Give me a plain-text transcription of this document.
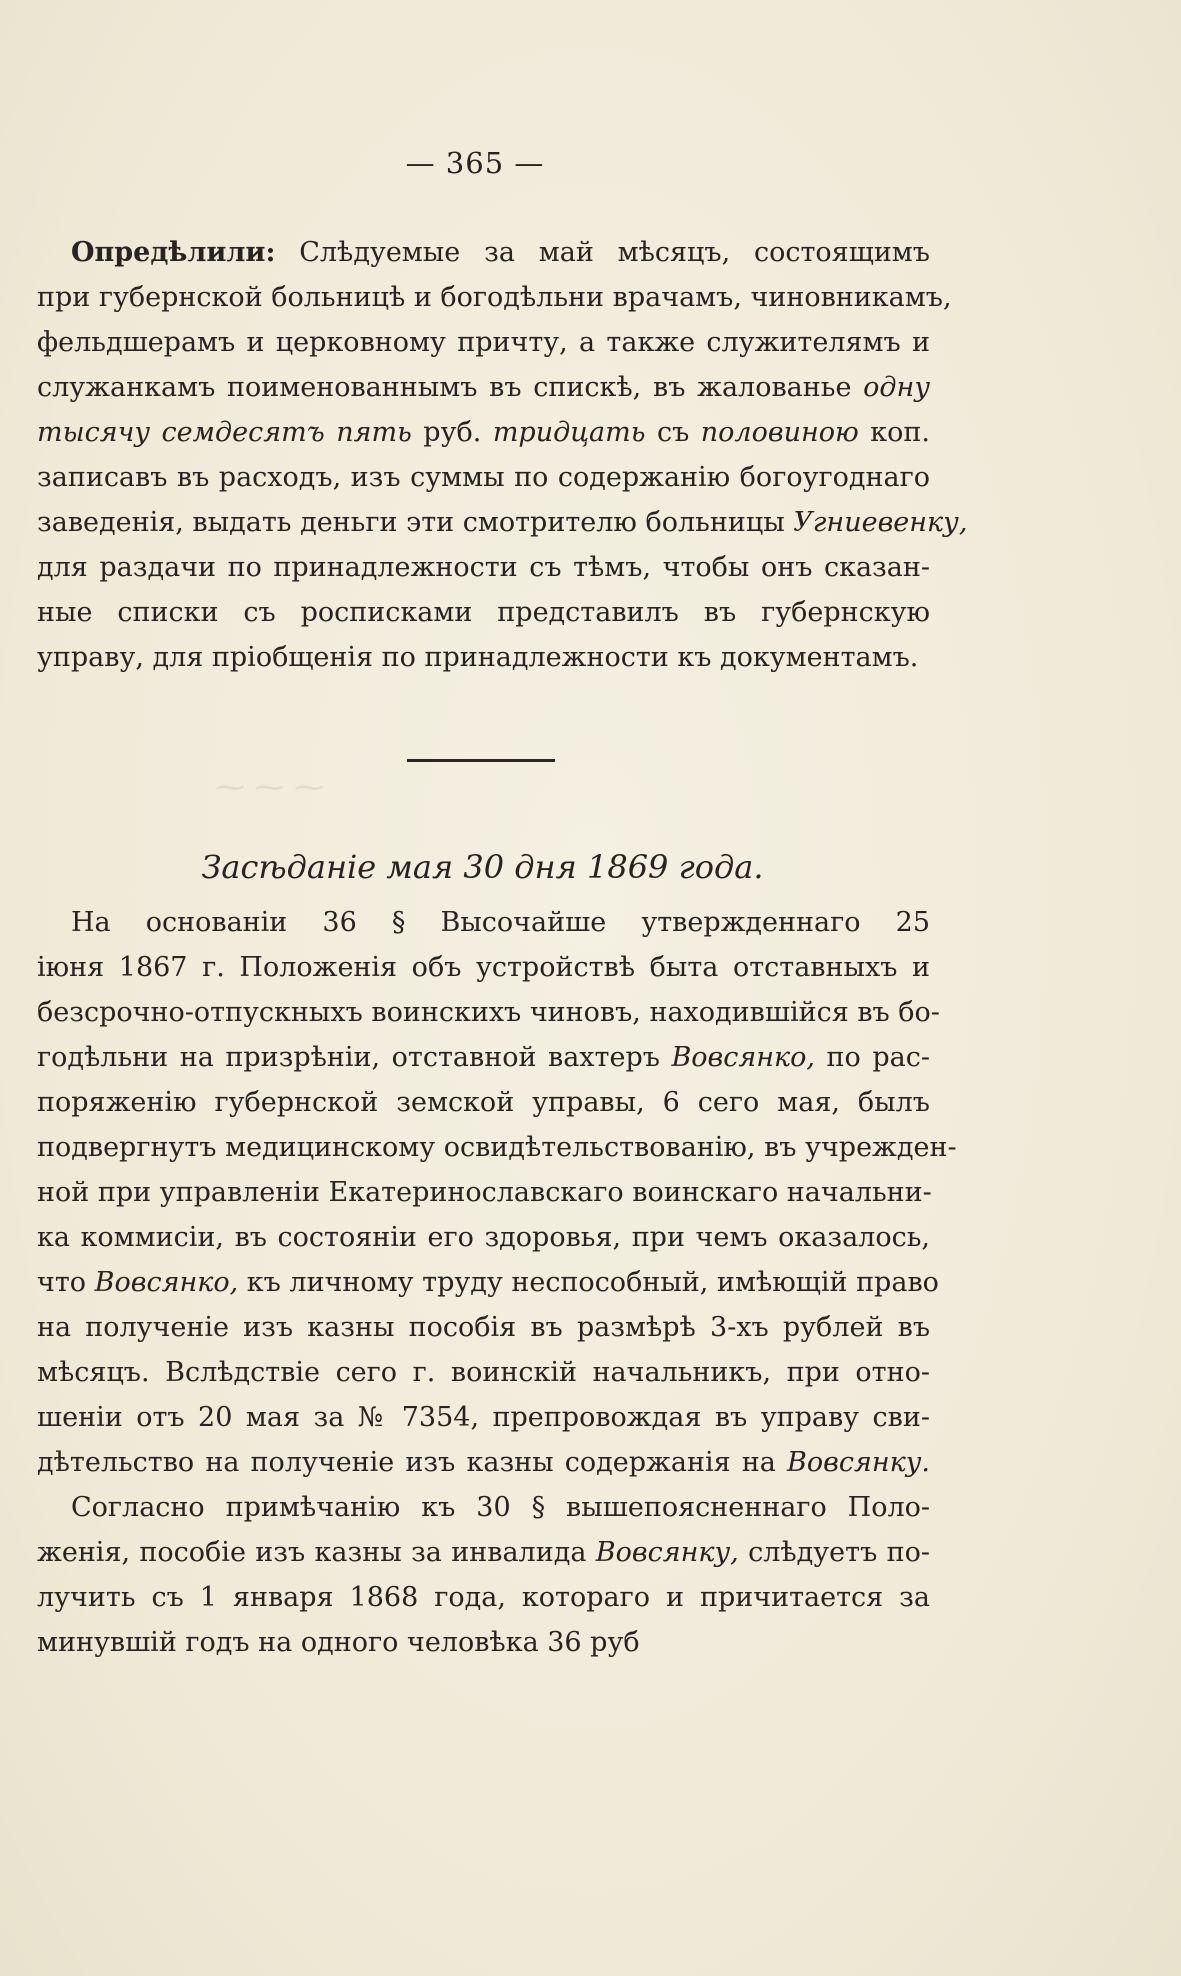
⁓ ⁓ ⁓
— 365 —
Опредѣлили: Слѣдуемые за май мѣсяцъ, состоящимъ
при губернской больницѣ и богодѣльни врачамъ, чиновникамъ,
фельдшерамъ и церковному причту, а также служителямъ и
служанкамъ поименованнымъ въ спискѣ, въ жалованье одну
тысячу семдесятъ пять руб. тридцать съ половиною коп.
записавъ въ расходъ, изъ суммы по содержанію богоугоднаго
заведенія, выдать деньги эти смотрителю больницы Угниевенку,
для раздачи по принадлежности съ тѣмъ, чтобы онъ сказан-
ные списки съ росписками представилъ въ губернскую
управу, для пріобщенія по принадлежности къ документамъ.
Засѣданіе мая 30 дня 1869 года.
На основаніи 36 § Высочайше утвержденнаго 25
іюня 1867 г. Положенія объ устройствѣ быта отставныхъ и
безсрочно-отпускныхъ воинскихъ чиновъ, находившійся въ бо-
годѣльни на призрѣніи, отставной вахтеръ Вовсянко, по рас-
поряженію губернской земской управы, 6 сего мая, былъ
подвергнутъ медицинскому освидѣтельствованію, въ учрежден-
ной при управленіи Екатеринославскаго воинскаго начальни-
ка коммисіи, въ состояніи его здоровья, при чемъ оказалось,
что Вовсянко, къ личному труду неспособный, имѣющій право
на полученіе изъ казны пособія въ размѣрѣ 3-хъ рублей въ
мѣсяцъ. Вслѣдствіе сего г. воинскій начальникъ, при отно-
шеніи отъ 20 мая за № 7354, препровождая въ управу сви-
дѣтельство на полученіе изъ казны содержанія на Вовсянку.
Согласно примѣчанію къ 30 § вышепоясненнаго Поло-
женія, пособіе изъ казны за инвалида Вовсянку, слѣдуетъ по-
лучить съ 1 января 1868 года, котораго и причитается за
минувшій годъ на одного человѣка 36 руб
